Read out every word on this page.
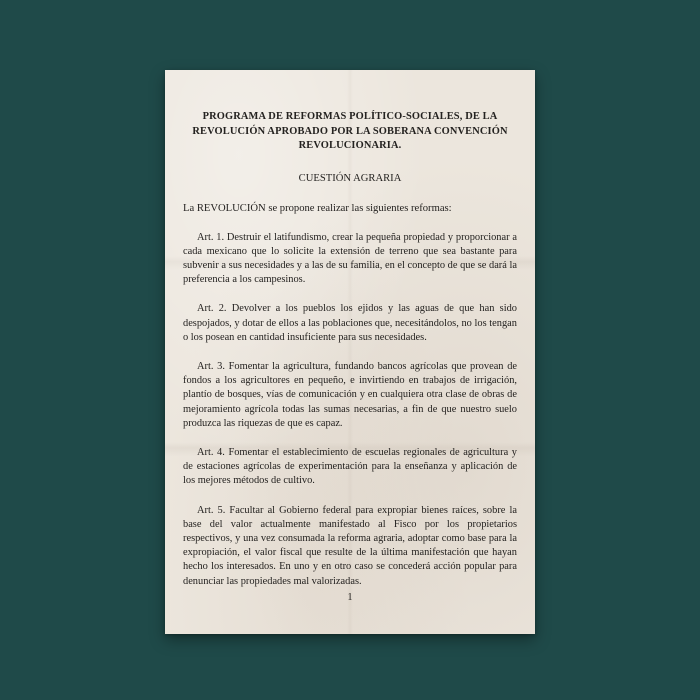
PROGRAMA DE REFORMAS POLÍTICO-SOCIALES, DE LA REVOLUCIÓN APROBADO POR LA SOBERANA CONVENCIÓN REVOLUCIONARIA.
CUESTIÓN AGRARIA
La REVOLUCIÓN se propone realizar las siguientes reformas:
Art. 1. Destruir el latifundismo, crear la pequeña propiedad y proporcionar a cada mexicano que lo solicite la extensión de terreno que sea bastante para subvenir a sus necesidades y a las de su familia, en el concepto de que se dará la preferencia a los campesinos.
Art. 2. Devolver a los pueblos los ejidos y las aguas de que han sido despojados, y dotar de ellos a las poblaciones que, necesitándolos, no los tengan o los posean en cantidad insuficiente para sus necesidades.
Art. 3. Fomentar la agricultura, fundando bancos agrícolas que provean de fondos a los agricultores en pequeño, e invirtiendo en trabajos de irrigación, plantío de bosques, vías de comunicación y en cualquiera otra clase de obras de mejoramiento agrícola todas las sumas necesarias, a fin de que nuestro suelo produzca las riquezas de que es capaz.
Art. 4. Fomentar el establecimiento de escuelas regionales de agricultura y de estaciones agrícolas de experimentación para la enseñanza y aplicación de los mejores métodos de cultivo.
Art. 5. Facultar al Gobierno federal para expropiar bienes raíces, sobre la base del valor actualmente manifestado al Fisco por los propietarios respectivos, y una vez consumada la reforma agraria, adoptar como base para la expropiación, el valor fiscal que resulte de la última manifestación que hayan hecho los interesados. En uno y en otro caso se concederá acción popular para denunciar las propiedades mal valorizadas.
1
